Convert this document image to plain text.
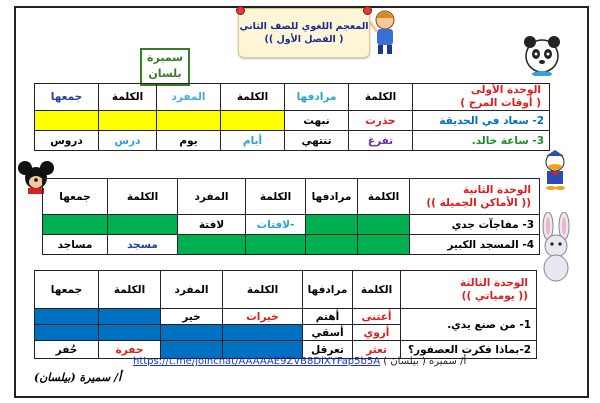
المعجم اللغوي للصف الثاني
( الفصل الأول ))
سميرة
بلسان
الوحدة الأولى
( أوقات المرح )	الكلمة	مرادفها	الكلمة	المفرد	الكلمة	جمعها
2- سعاد في الحديقة	حذرت	نبهت				
3- ساعة خالد.	تفرغ	تنتهي	أيام	يوم	درس	دروس
الوحدة الثانية
(( الأماكن الجميلة ))	الكلمة	مرادفها	الكلمة	المفرد	الكلمة	جمعها
3- مفاجآت جدي			-لافتات	لافتة		
4- المسجد الكبير					مسجد	مساجد
الوحدة الثالثة
(( يومياتي ))	الكلمة	مرادفها	الكلمة	المفرد	الكلمة	جمعها
1- من صنع يدي.	أعتنى	أهتم	خيرات	خير		
	أروي	أسقي				
2-بماذا فكرت العصفور؟	تعثر	تعرقل			حفرة	حُفر
https://t.me/joinchat/AAAAAE9ZVB8DiXYFap5b5A أ/ سميرة ( بيلسان )
أ/ سميرة (بيلسان)
